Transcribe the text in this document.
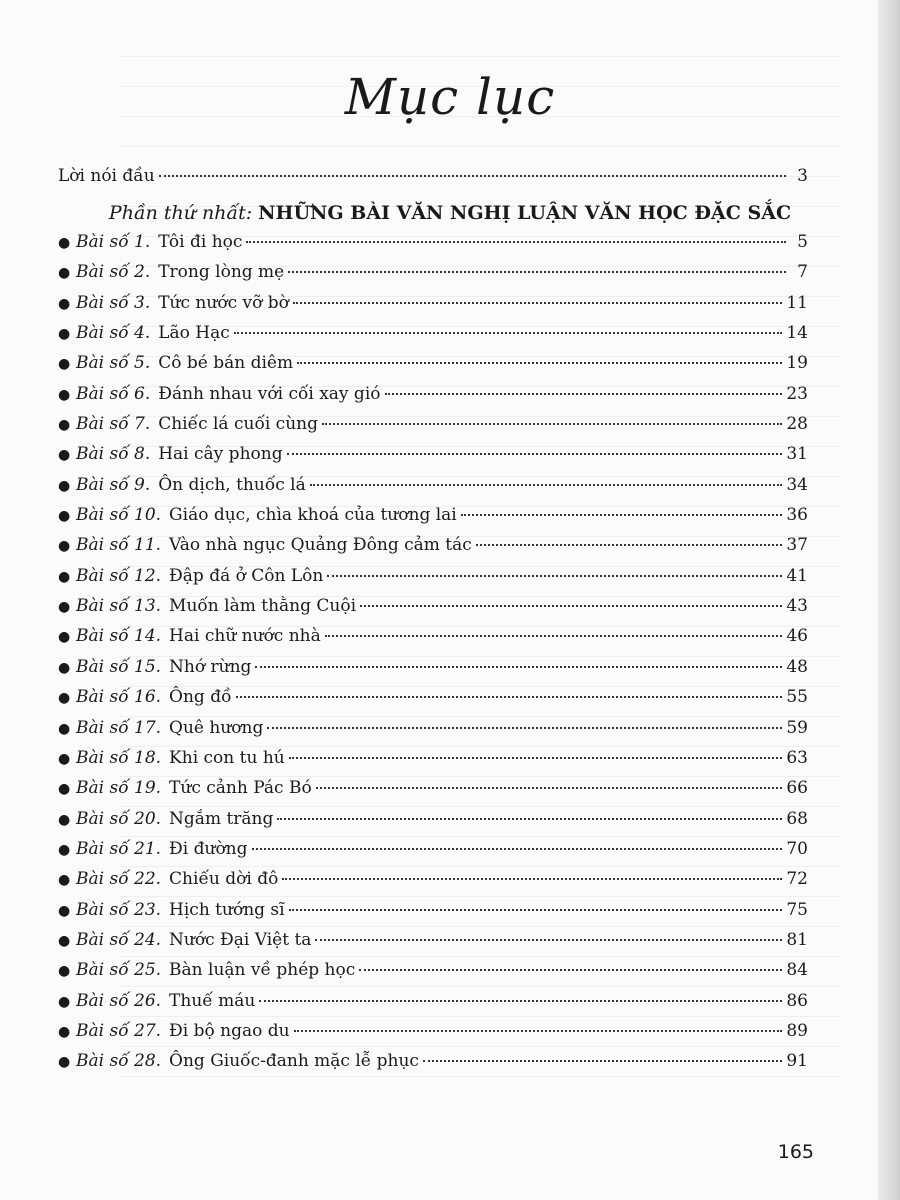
Mục lục
Lời nói đầu	3
Phần thứ nhất: NHỮNG BÀI VĂN NGHỊ LUẬN VĂN HỌC ĐẶC SẮC
● Bài số 1. Tôi đi học	5
● Bài số 2. Trong lòng mẹ	7
● Bài số 3. Tức nước vỡ bờ	11
● Bài số 4. Lão Hạc	14
● Bài số 5. Cô bé bán diêm	19
● Bài số 6. Đánh nhau với cối xay gió	23
● Bài số 7. Chiếc lá cuối cùng	28
● Bài số 8. Hai cây phong	31
● Bài số 9. Ôn dịch, thuốc lá	34
● Bài số 10. Giáo dục, chìa khoá của tương lai	36
● Bài số 11. Vào nhà ngục Quảng Đông cảm tác	37
● Bài số 12. Đập đá ở Côn Lôn	41
● Bài số 13. Muốn làm thằng Cuội	43
● Bài số 14. Hai chữ nước nhà	46
● Bài số 15. Nhớ rừng	48
● Bài số 16. Ông đồ	55
● Bài số 17. Quê hương	59
● Bài số 18. Khi con tu hú	63
● Bài số 19. Tức cảnh Pác Bó	66
● Bài số 20. Ngắm trăng	68
● Bài số 21. Đi đường	70
● Bài số 22. Chiếu dời đô	72
● Bài số 23. Hịch tướng sĩ	75
● Bài số 24. Nước Đại Việt ta	81
● Bài số 25. Bàn luận về phép học	84
● Bài số 26. Thuế máu	86
● Bài số 27. Đi bộ ngao du	89
● Bài số 28. Ông Giuốc-đanh mặc lễ phục	91
165
